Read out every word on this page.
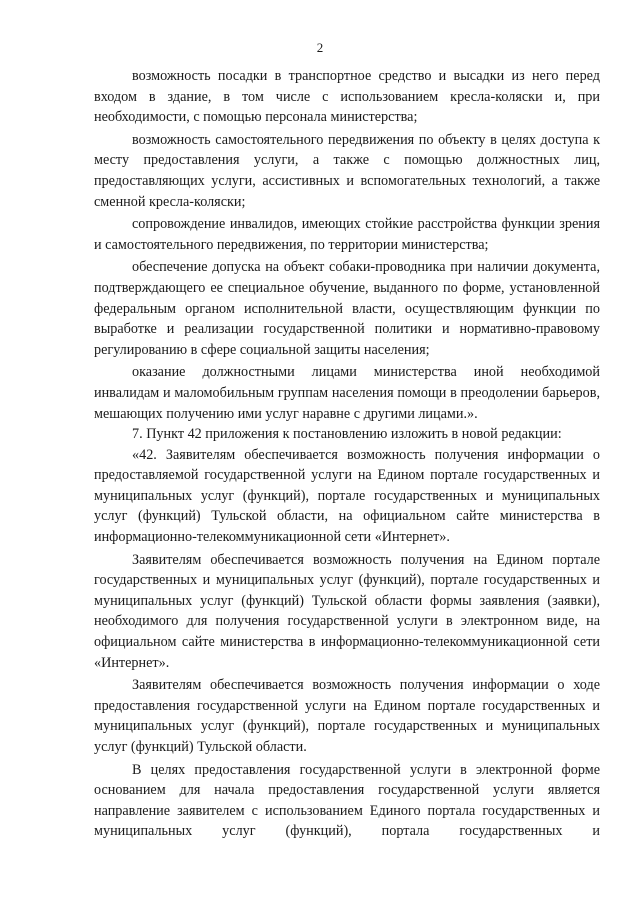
2

возможность посадки в транспортное средство и высадки из него перед входом в здание, в том числе с использованием кресла-коляски и, при необходимости, с помощью персонала министерства;

возможность самостоятельного передвижения по объекту в целях доступа к месту предоставления услуги, а также с помощью должностных лиц, предоставляющих услуги, ассистивных и вспомогательных технологий, а также сменной кресла-коляски;

сопровождение инвалидов, имеющих стойкие расстройства функции зрения и самостоятельного передвижения, по территории министерства;

обеспечение допуска на объект собаки-проводника при наличии документа, подтверждающего ее специальное обучение, выданного по форме, установленной федеральным органом исполнительной власти, осуществляющим функции по выработке и реализации государственной политики и нормативно-правовому регулированию в сфере социальной защиты населения;

оказание должностными лицами министерства иной необходимой инвалидам и маломобильным группам населения помощи в преодолении барьеров, мешающих получению ими услуг наравне с другими лицами.».

7. Пункт 42 приложения к постановлению изложить в новой редакции:

«42. Заявителям обеспечивается возможность получения информации о предоставляемой государственной услуги на Едином портале государственных и муниципальных услуг (функций), портале государственных и муниципальных услуг (функций) Тульской области, на официальном сайте министерства в информационно-телекоммуникационной сети «Интернет».

Заявителям обеспечивается возможность получения на Едином портале государственных и муниципальных услуг (функций), портале государственных и муниципальных услуг (функций) Тульской области формы заявления (заявки), необходимого для получения государственной услуги в электронном виде, на официальном сайте министерства в информационно-телекоммуникационной сети «Интернет».

Заявителям обеспечивается возможность получения информации о ходе предоставления государственной услуги на Едином портале государственных и муниципальных услуг (функций), портале государственных и муниципальных услуг (функций) Тульской области.

В целях предоставления государственной услуги в электронной форме основанием для начала предоставления государственной услуги является направление заявителем с использованием Единого портала государственных и муниципальных услуг (функций), портала государственных и
